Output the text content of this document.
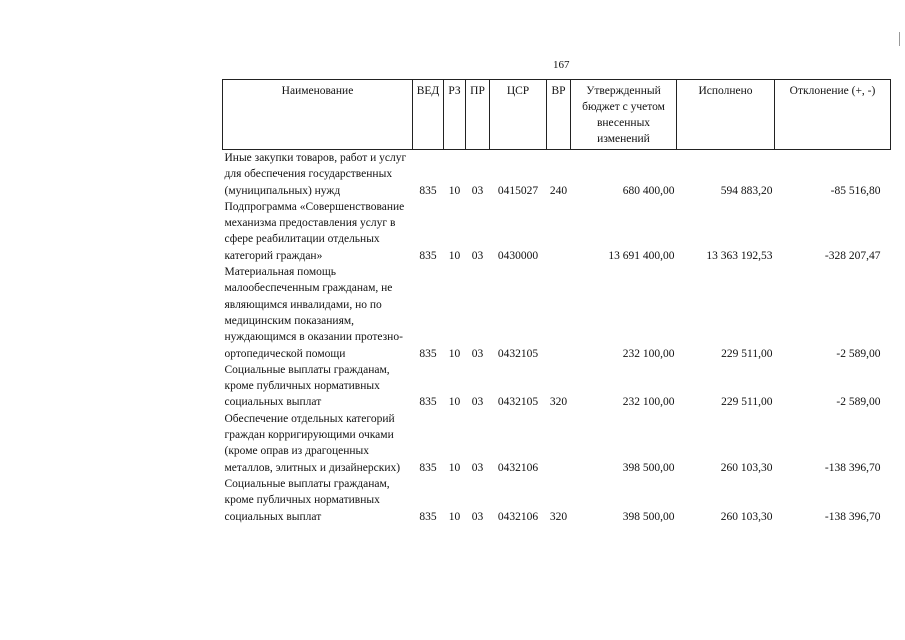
167
Наименование	ВЕД	РЗ	ПР	ЦСР	ВР	Утвержденный бюджет с учетом внесенных изменений	Исполнено	Отклонение (+, -)
Иные закупки товаров, работ и услуг для обеспечения государственных (муниципальных) нужд	835	10	03	0415027	240	680 400,00	594 883,20	-85 516,80
Подпрограмма «Совершенствование механизма предоставления услуг в сфере реабилитации отдельных категорий граждан»	835	10	03	0430000		13 691 400,00	13 363 192,53	-328 207,47
Материальная помощь малообеспеченным гражданам, не являющимся инвалидами, но по медицинским показаниям, нуждающимся в оказании протезно-ортопедической помощи	835	10	03	0432105		232 100,00	229 511,00	-2 589,00
Социальные выплаты гражданам, кроме публичных нормативных социальных выплат	835	10	03	0432105	320	232 100,00	229 511,00	-2 589,00
Обеспечение отдельных категорий граждан корригирующими очками (кроме оправ из драгоценных металлов, элитных и дизайнерских)	835	10	03	0432106		398 500,00	260 103,30	-138 396,70
Социальные выплаты гражданам, кроме публичных нормативных социальных выплат	835	10	03	0432106	320	398 500,00	260 103,30	-138 396,70
